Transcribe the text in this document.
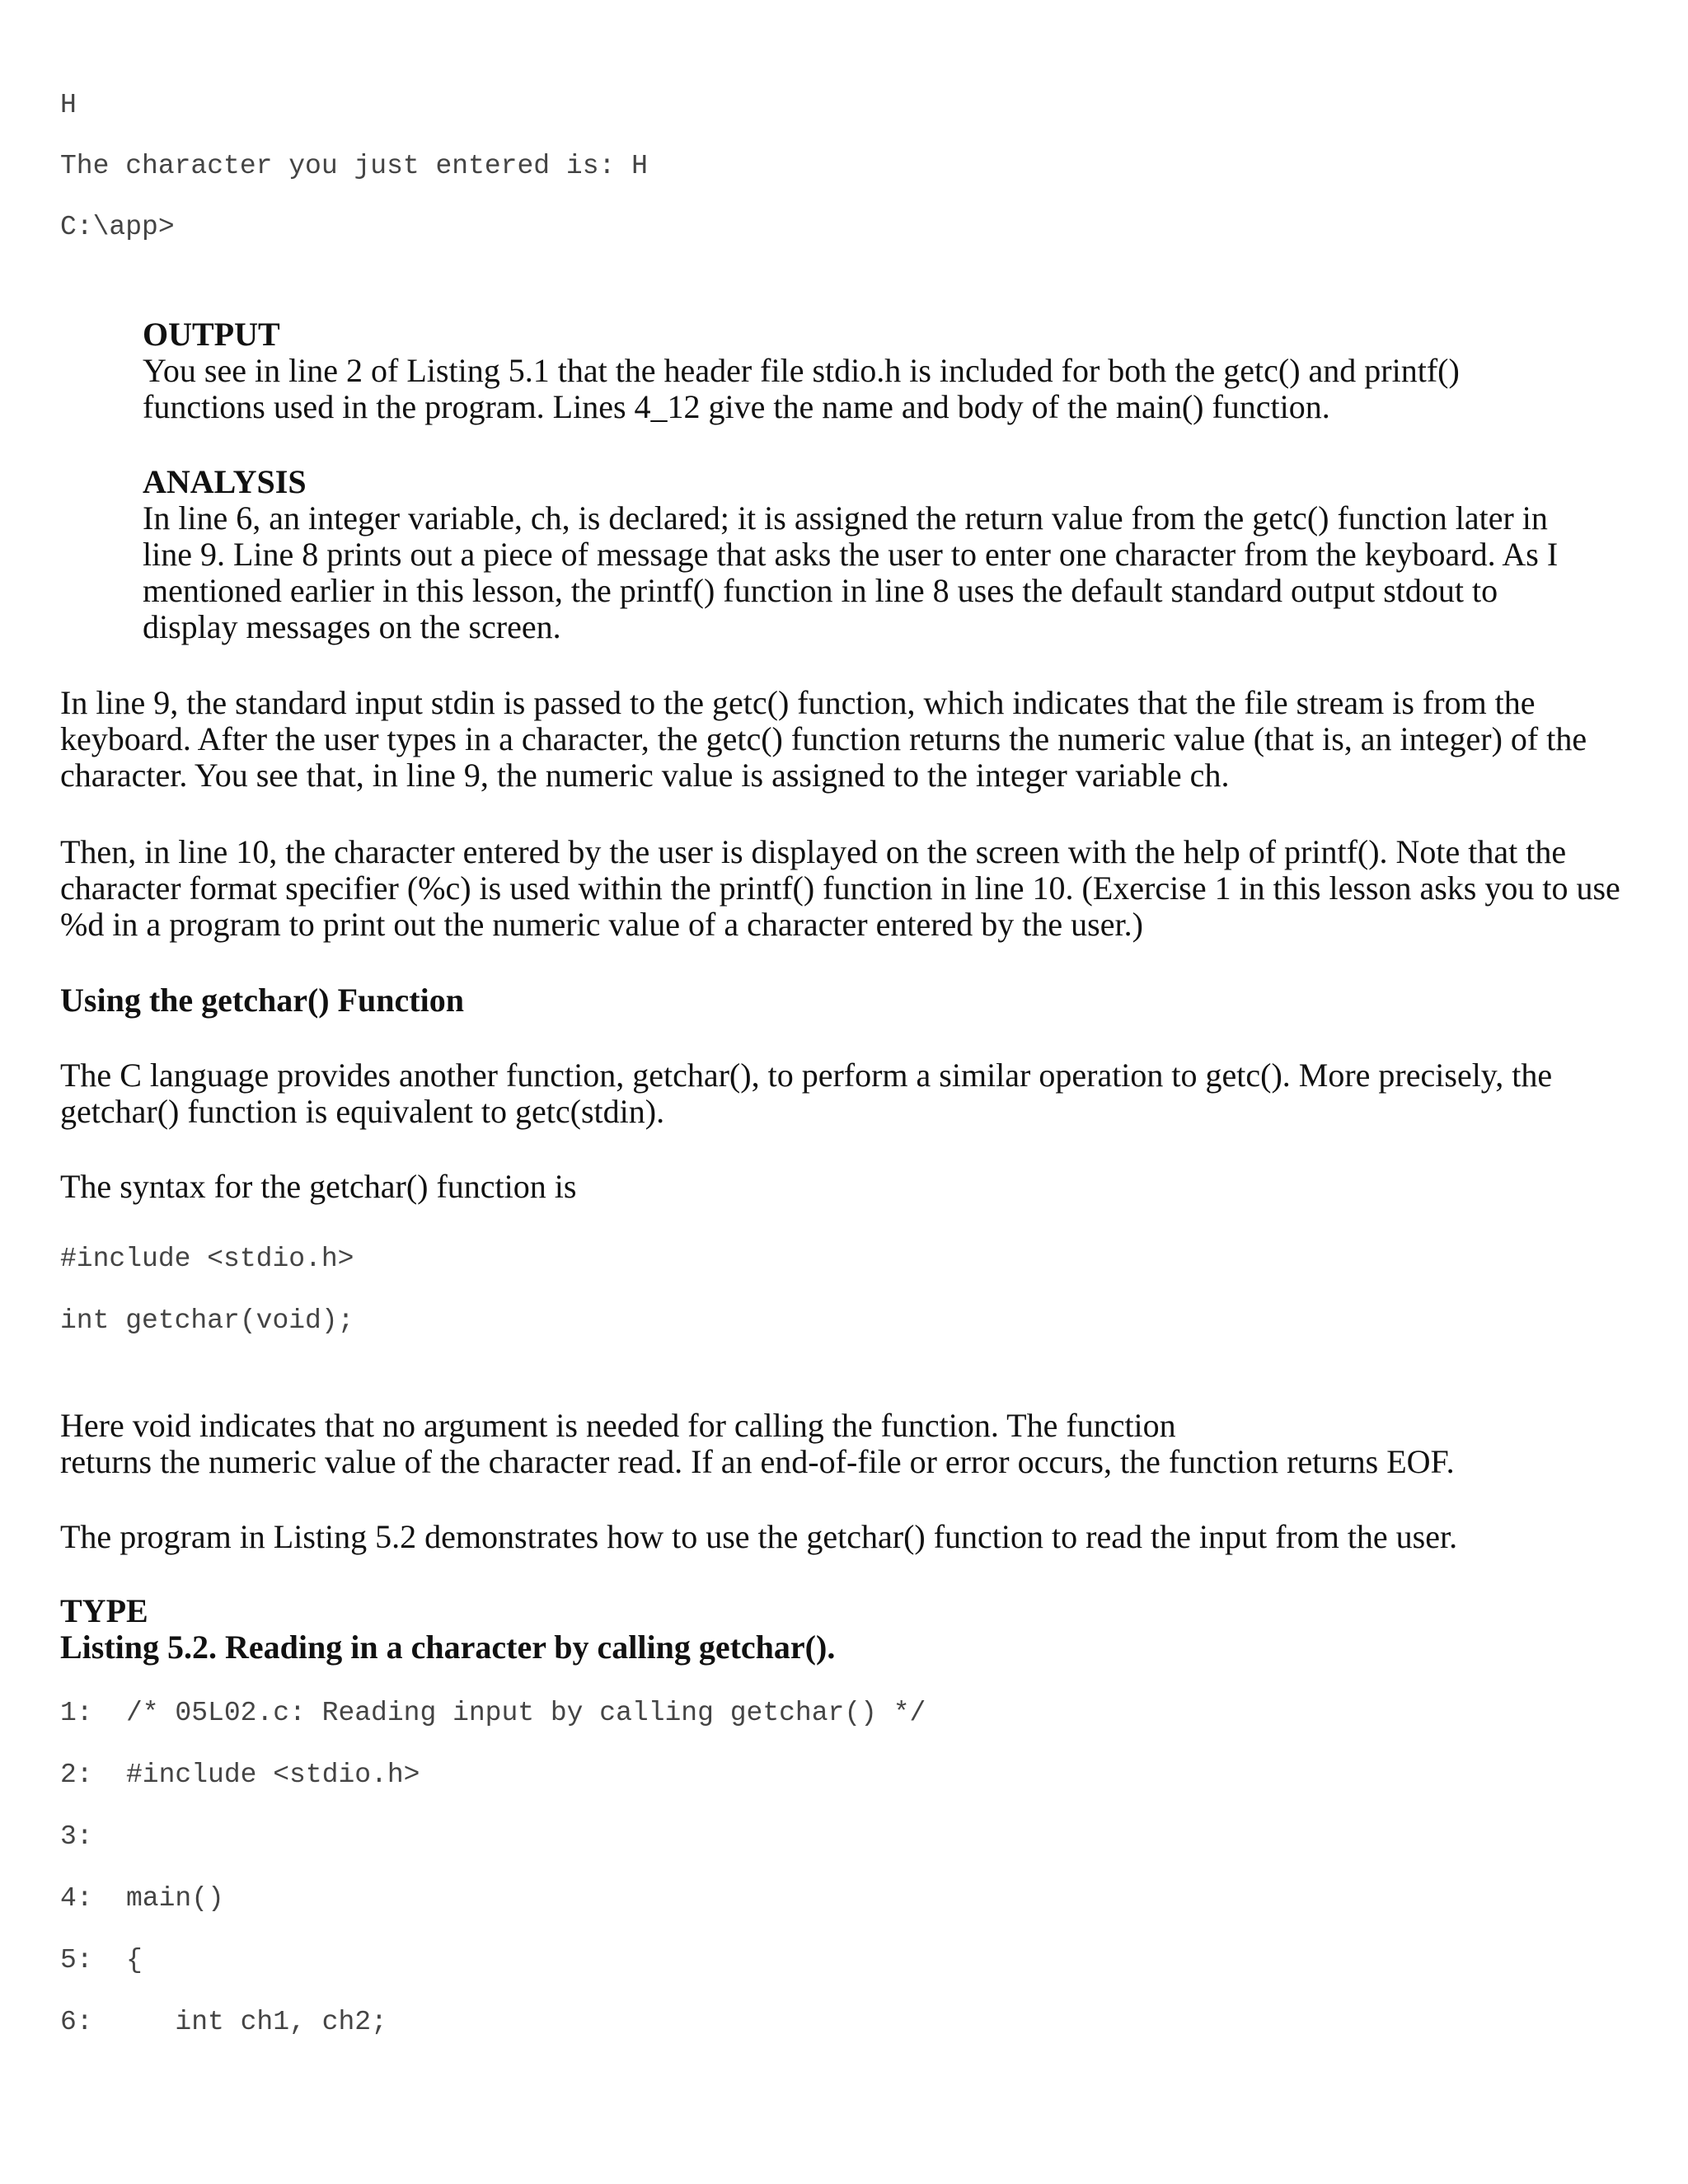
H
The character you just entered is: H
C:\app>
OUTPUT
You see in line 2 of Listing 5.1 that the header file stdio.h is included for both the getc() and printf() functions used in the program. Lines 4_12 give the name and body of the main() function.
ANALYSIS
In line 6, an integer variable, ch, is declared; it is assigned the return value from the getc() function later in line 9. Line 8 prints out a piece of message that asks the user to enter one character from the keyboard. As I mentioned earlier in this lesson, the printf() function in line 8 uses the default standard output stdout to display messages on the screen.
In line 9, the standard input stdin is passed to the getc() function, which indicates that the file stream is from the keyboard. After the user types in a character, the getc() function returns the numeric value (that is, an integer) of the character. You see that, in line 9, the numeric value is assigned to the integer variable ch.
Then, in line 10, the character entered by the user is displayed on the screen with the help of printf(). Note that the character format specifier (%c) is used within the printf() function in line 10. (Exercise 1 in this lesson asks you to use %d in a program to print out the numeric value of a character entered by the user.)
Using the getchar() Function
The C language provides another function, getchar(), to perform a similar operation to getc(). More precisely, the getchar() function is equivalent to getc(stdin).
The syntax for the getchar() function is
#include <stdio.h>
int getchar(void);
Here void indicates that no argument is needed for calling the function. The function
returns the numeric value of the character read. If an end-of-file or error occurs, the function returns EOF.
The program in Listing 5.2 demonstrates how to use the getchar() function to read the input from the user.
TYPE
Listing 5.2. Reading in a character by calling getchar().
1: /* 05L02.c: Reading input by calling getchar() */
2: #include <stdio.h>
3:
4: main()
5: {
6:   int ch1, ch2;
